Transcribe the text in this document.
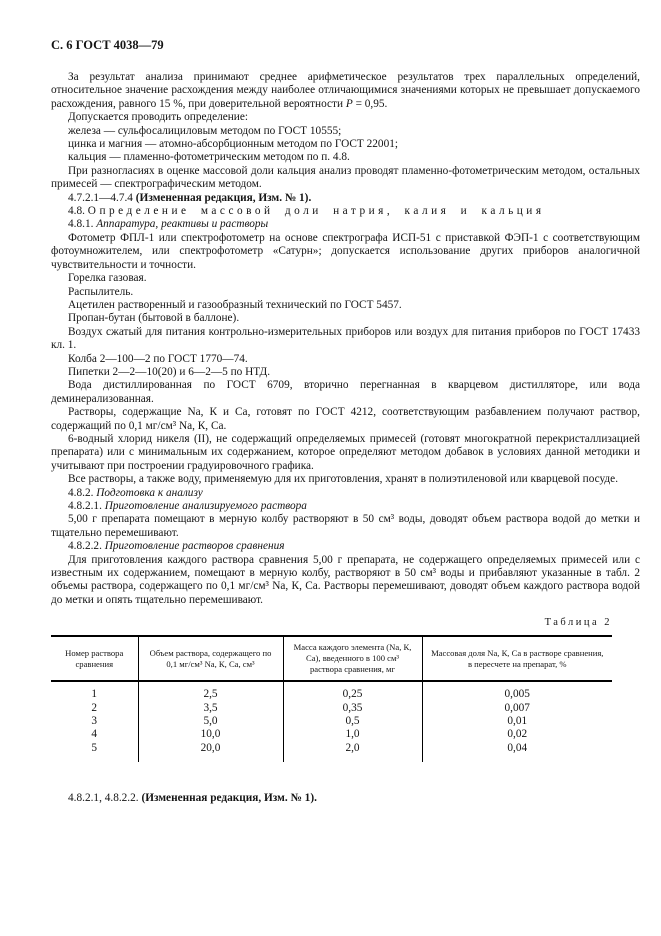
С. 6 ГОСТ 4038—79

За результат анализа принимают среднее арифметическое результатов трех параллельных определений, относительное значение расхождения между наиболее отличающимися значениями которых не превышает допускаемого расхождения, равного 15 %, при доверительной вероятности Р = 0,95.

Допускается проводить определение:

железа — сульфосалициловым методом по ГОСТ 10555;

цинка и магния — атомно-абсорбционным методом по ГОСТ 22001;

кальция — пламенно-фотометрическим методом по п. 4.8.

При разногласиях в оценке массовой доли кальция анализ проводят пламенно-фотометрическим методом, остальных примесей — спектрографическим методом.

4.7.2.1—4.7.4 (Измененная редакция, Изм. № 1).

4.8. Определение массовой доли натрия, калия и кальция

4.8.1. Аппаратура, реактивы и растворы

Фотометр ФПЛ-1 или спектрофотометр на основе спектрографа ИСП-51 с приставкой ФЭП-1 с соответствующим фотоумножителем, или спектрофотометр «Сатурн»; допускается использование других приборов аналогичной чувствительности и точности.

Горелка газовая.

Распылитель.

Ацетилен растворенный и газообразный технический по ГОСТ 5457.

Пропан-бутан (бытовой в баллоне).

Воздух сжатый для питания контрольно-измерительных приборов или воздух для питания приборов по ГОСТ 17433 кл. 1.

Колба 2—100—2 по ГОСТ 1770—74.

Пипетки 2—2—10(20) и 6—2—5 по НТД.

Вода дистиллированная по ГОСТ 6709, вторично перегнанная в кварцевом дистилляторе, или вода деминерализованная.

Растворы, содержащие Na, К и Са, готовят по ГОСТ 4212, соответствующим разбавлением получают раствор, содержащий по 0,1 мг/см³ Na, К, Са.

6-водный хлорид никеля (II), не содержащий определяемых примесей (готовят многократной перекристаллизацией препарата) или с минимальным их содержанием, которое определяют методом добавок в условиях данной методики и учитывают при построении градуировочного графика.

Все растворы, а также воду, применяемую для их приготовления, хранят в полиэтиленовой или кварцевой посуде.

4.8.2. Подготовка к анализу

4.8.2.1. Приготовление анализируемого раствора

5,00 г препарата помещают в мерную колбу растворяют в 50 см³ воды, доводят объем раствора водой до метки и тщательно перемешивают.

4.8.2.2. Приготовление растворов сравнения

Для приготовления каждого раствора сравнения 5,00 г препарата, не содержащего определяемых примесей или с известным их содержанием, помещают в мерную колбу, растворяют в 50 см³ воды и прибавляют указанные в табл. 2 объемы раствора, содержащего по 0,1 мг/см³ Na, К, Са. Растворы перемешивают, доводят объем каждого раствора водой до метки и опять тщательно перемешивают.

Таблица 2
Номер раствора сравнения	Объем раствора, содержащего по 0,1 мг/см³ Na, К, Са, см³	Масса каждого элемента (Na, К, Са), введенного в 100 см³ раствора сравнения, мг	Массовая доля Na, К, Са в растворе сравнения, в пересчете на препарат, %
1	2,5	0,25	0,005
2	3,5	0,35	0,007
3	5,0	0,5	0,01
4	10,0	1,0	0,02
5	20,0	2,0	0,04

4.8.2.1, 4.8.2.2. (Измененная редакция, Изм. № 1).
